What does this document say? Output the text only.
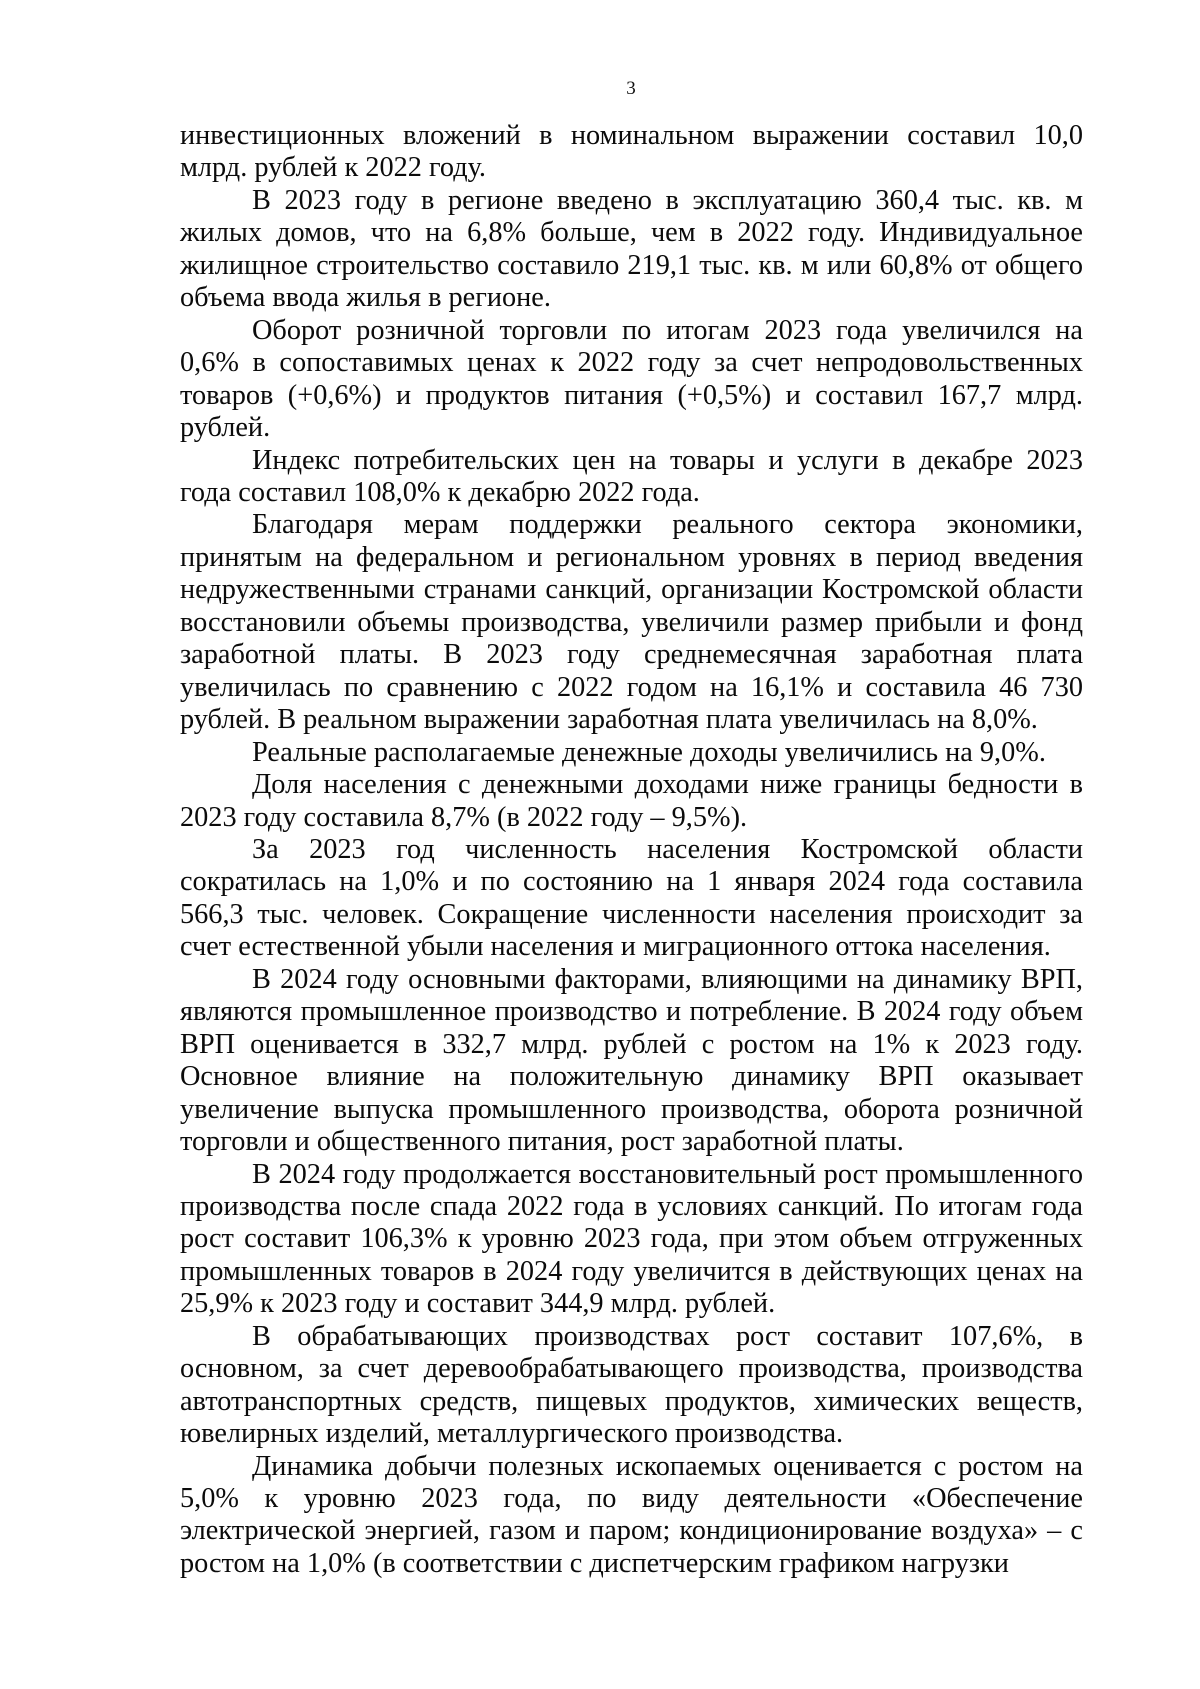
3

инвестиционных вложений в номинальном выражении составил 10,0 млрд. рублей к 2022 году.

В 2023 году в регионе введено в эксплуатацию 360,4 тыс. кв. м жилых домов, что на 6,8% больше, чем в 2022 году. Индивидуальное жилищное строительство составило 219,1 тыс. кв. м или 60,8% от общего объема ввода жилья в регионе.

Оборот розничной торговли по итогам 2023 года увеличился на 0,6% в сопоставимых ценах к 2022 году за счет непродовольственных товаров (+0,6%) и продуктов питания (+0,5%) и составил 167,7 млрд. рублей.

Индекс потребительских цен на товары и услуги в декабре 2023 года составил 108,0% к декабрю 2022 года.

Благодаря мерам поддержки реального сектора экономики, принятым на федеральном и региональном уровнях в период введения недружественными странами санкций, организации Костромской области восстановили объемы производства, увеличили размер прибыли и фонд заработной платы. В 2023 году среднемесячная заработная плата увеличилась по сравнению с 2022 годом на 16,1% и составила 46 730 рублей. В реальном выражении заработная плата увеличилась на 8,0%.

Реальные располагаемые денежные доходы увеличились на 9,0%.

Доля населения с денежными доходами ниже границы бедности в 2023 году составила 8,7% (в 2022 году – 9,5%).

За 2023 год численность населения Костромской области сократилась на 1,0% и по состоянию на 1 января 2024 года составила 566,3 тыс. человек. Сокращение численности населения происходит за счет естественной убыли населения и миграционного оттока населения.

В 2024 году основными факторами, влияющими на динамику ВРП, являются промышленное производство и потребление. В 2024 году объем ВРП оценивается в 332,7 млрд. рублей с ростом на 1% к 2023 году. Основное влияние на положительную динамику ВРП оказывает увеличение выпуска промышленного производства, оборота розничной торговли и общественного питания, рост заработной платы.

В 2024 году продолжается восстановительный рост промышленного производства после спада 2022 года в условиях санкций. По итогам года рост составит 106,3% к уровню 2023 года, при этом объем отгруженных промышленных товаров в 2024 году увеличится в действующих ценах на 25,9% к 2023 году и составит 344,9 млрд. рублей.

В обрабатывающих производствах рост составит 107,6%, в основном, за счет деревообрабатывающего производства, производства автотранспортных средств, пищевых продуктов, химических веществ, ювелирных изделий, металлургического производства.

Динамика добычи полезных ископаемых оценивается с ростом на 5,0% к уровню 2023 года, по виду деятельности «Обеспечение электрической энергией, газом и паром; кондиционирование воздуха» – с ростом на 1,0% (в соответствии с диспетчерским графиком нагрузки
